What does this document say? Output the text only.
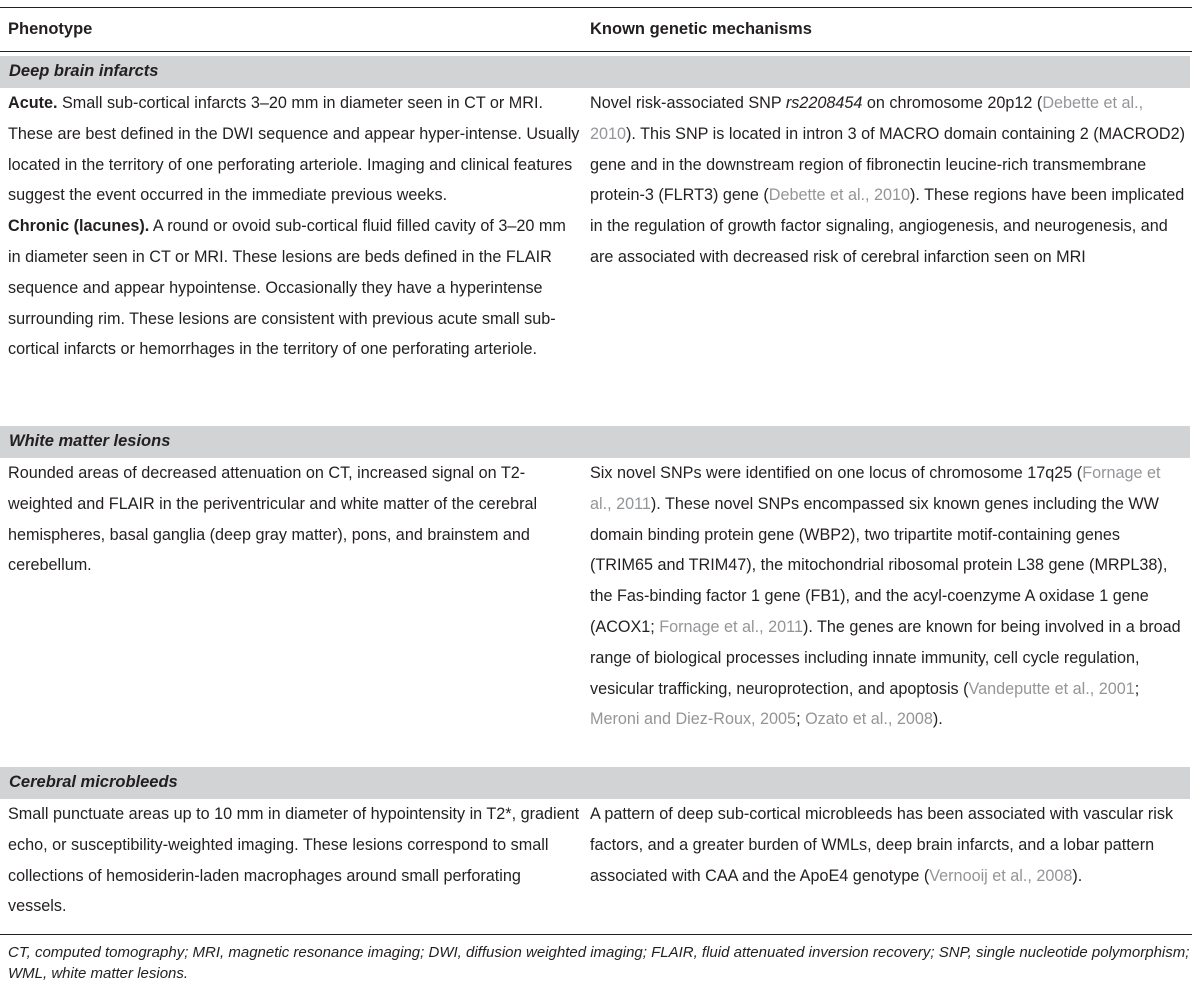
Phenotype	Known genetic mechanisms
Deep brain infarcts
Acute. Small sub-cortical infarcts 3–20 mm in diameter seen in CT or MRI. These are best defined in the DWI sequence and appear hyper-intense. Usually located in the territory of one perforating arteriole. Imaging and clinical features suggest the event occurred in the immediate previous weeks.
Chronic (lacunes). A round or ovoid sub-cortical fluid filled cavity of 3–20 mm in diameter seen in CT or MRI. These lesions are beds defined in the FLAIR sequence and appear hypointense. Occasionally they have a hyperintense surrounding rim. These lesions are consistent with previous acute small sub-cortical infarcts or hemorrhages in the territory of one perforating arteriole.
Novel risk-associated SNP rs2208454 on chromosome 20p12 (Debette et al., 2010). This SNP is located in intron 3 of MACRO domain containing 2 (MACROD2) gene and in the downstream region of fibronectin leucine-rich transmembrane protein-3 (FLRT3) gene (Debette et al., 2010). These regions have been implicated in the regulation of growth factor signaling, angiogenesis, and neurogenesis, and are associated with decreased risk of cerebral infarction seen on MRI
White matter lesions
Rounded areas of decreased attenuation on CT, increased signal on T2-weighted and FLAIR in the periventricular and white matter of the cerebral hemispheres, basal ganglia (deep gray matter), pons, and brainstem and cerebellum.
Six novel SNPs were identified on one locus of chromosome 17q25 (Fornage et al., 2011). These novel SNPs encompassed six known genes including the WW domain binding protein gene (WBP2), two tripartite motif-containing genes (TRIM65 and TRIM47), the mitochondrial ribosomal protein L38 gene (MRPL38), the Fas-binding factor 1 gene (FB1), and the acyl-coenzyme A oxidase 1 gene (ACOX1; Fornage et al., 2011). The genes are known for being involved in a broad range of biological processes including innate immunity, cell cycle regulation, vesicular trafficking, neuroprotection, and apoptosis (Vandeputte et al., 2001; Meroni and Diez-Roux, 2005; Ozato et al., 2008).
Cerebral microbleeds
Small punctuate areas up to 10 mm in diameter of hypointensity in T2*, gradient echo, or susceptibility-weighted imaging. These lesions correspond to small collections of hemosiderin-laden macrophages around small perforating vessels.
A pattern of deep sub-cortical microbleeds has been associated with vascular risk factors, and a greater burden of WMLs, deep brain infarcts, and a lobar pattern associated with CAA and the ApoE4 genotype (Vernooij et al., 2008).
CT, computed tomography; MRI, magnetic resonance imaging; DWI, diffusion weighted imaging; FLAIR, fluid attenuated inversion recovery; SNP, single nucleotide polymorphism; WML, white matter lesions.
